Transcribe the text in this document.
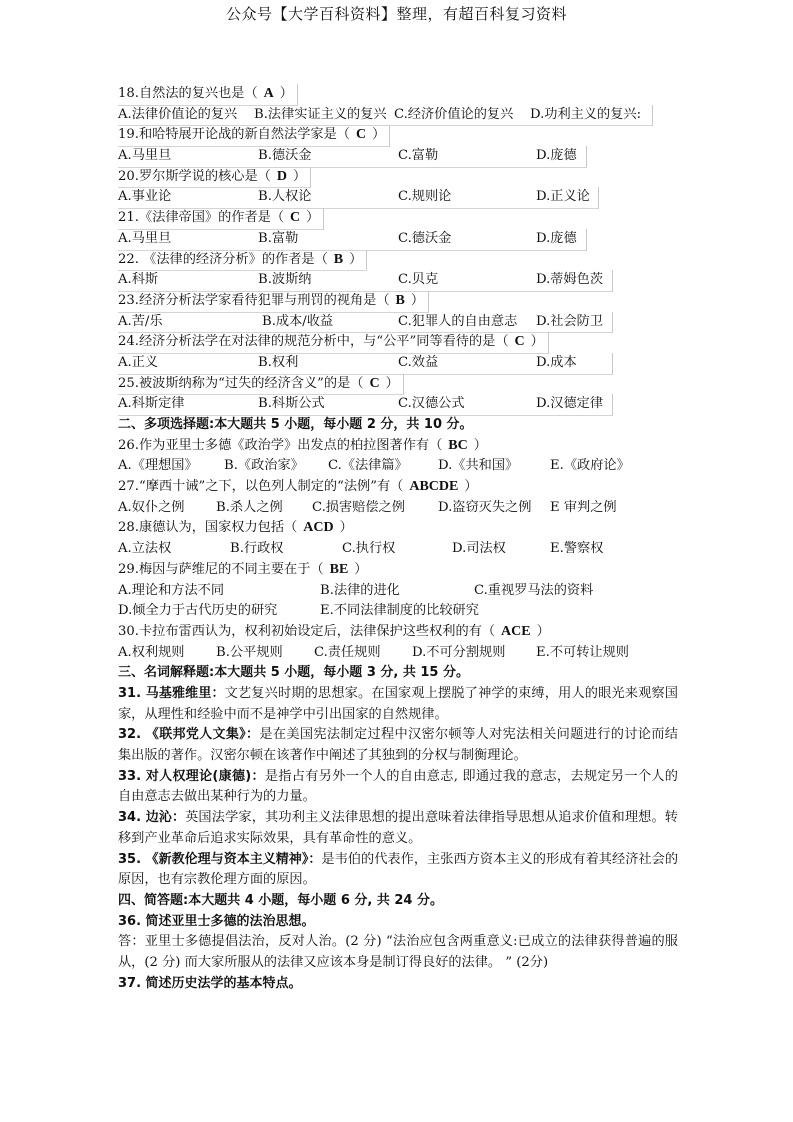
公众号【大学百科资料】整理，有超百科复习资料
18.自然法的复兴也是（ A ）
A.法律价值论的复兴 B.法律实证主义的复兴 C.经济价值论的复兴 D.功利主义的复兴:
19.和哈特展开论战的新自然法学家是（ C ）
A.马里旦	B.德沃金	C.富勒	D.庞德
20.罗尔斯学说的核心是（ D ）
A.事业论	B.人权论	C.规则论	D.正义论
21.《法律帝国》的作者是（ C ）
A.马里旦	B.富勒	C.德沃金	D.庞德
22. 《法律的经济分析》的作者是（ B ）
A.科斯	B.波斯纳	C.贝克	D.蒂姆色茨
23.经济分析法学家看待犯罪与刑罚的视角是（ B ）
A.苦/乐	B.成本/收益	C.犯罪人的自由意志 D.社会防卫
24.经济分析法学在对法律的规范分析中，与“公平”同等看待的是（ C ）
A.正义	B.权利	C.效益	D.成本
25.被波斯纳称为“过失的经济含义”的是（ C ）
A.科斯定律	B.科斯公式	C.汉德公式	D.汉德定律
二、多项选择题:本大题共 5 小题，每小题 2 分，共 10 分。
26.作为亚里士多德《政治学》出发点的柏拉图著作有（ BC ）
A.《理想国》 B.《政治家》 C.《法律篇》 D.《共和国》 E.《政府论》
27.“摩西十诫”之下，以色列人制定的“法例”有（ ABCDE ）
A.奴仆之例 B.杀人之例 C.损害赔偿之例	D.盗窃灭失之例 E 审判之例
28.康德认为，国家权力包括（ ACD ）
A.立法权	B.行政权	C.执行权	D.司法权	E.警察权
29.梅因与萨维尼的不同主要在于（ BE ）
A.理论和方法不同	B.法律的进化	C.重视罗马法的资料
D.倾全力于古代历史的研究	E.不同法律制度的比较研究
30.卡拉布雷西认为，权利初始设定后，法律保护这些权利的有（ ACE ）
A.权利规则 B.公平规则 C.责任规则 D.不可分割规则 E.不可转让规则
三、名词解释题:本大题共 5 小题，每小题 3 分, 共 15 分。
31. 马基雅维里：文艺复兴时期的思想家。在国家观上摆脱了神学的束缚，用人的眼光来观察国家，从理性和经验中而不是神学中引出国家的自然规律。
32. 《联邦党人文集》：是在美国宪法制定过程中汉密尔顿等人对宪法相关问题进行的讨论而结集出版的著作。汉密尔顿在该著作中阐述了其独到的分权与制衡理论。
33. 对人权理论(康德)：是指占有另外一个人的自由意志, 即通过我的意志，去规定另一个人的自由意志去做出某种行为的力量。
34. 边沁：英国法学家，其功利主义法律思想的提出意味着法律指导思想从追求价值和理想。转移到产业革命后追求实际效果，具有革命性的意义。
35. 《新教伦理与资本主义精神》：是韦伯的代表作，主张西方资本主义的形成有着其经济社会的原因，也有宗教伦理方面的原因。
四、简答题:本大题共 4 小题，每小题 6 分, 共 24 分。
36. 简述亚里士多德的法治思想。
答：亚里士多德提倡法治，反对人治。(2 分) “法治应包含两重意义:已成立的法律获得普遍的服从，(2 分) 而大家所服从的法律又应该本身是制订得良好的法律。 ” (2分)
37. 简述历史法学的基本特点。
